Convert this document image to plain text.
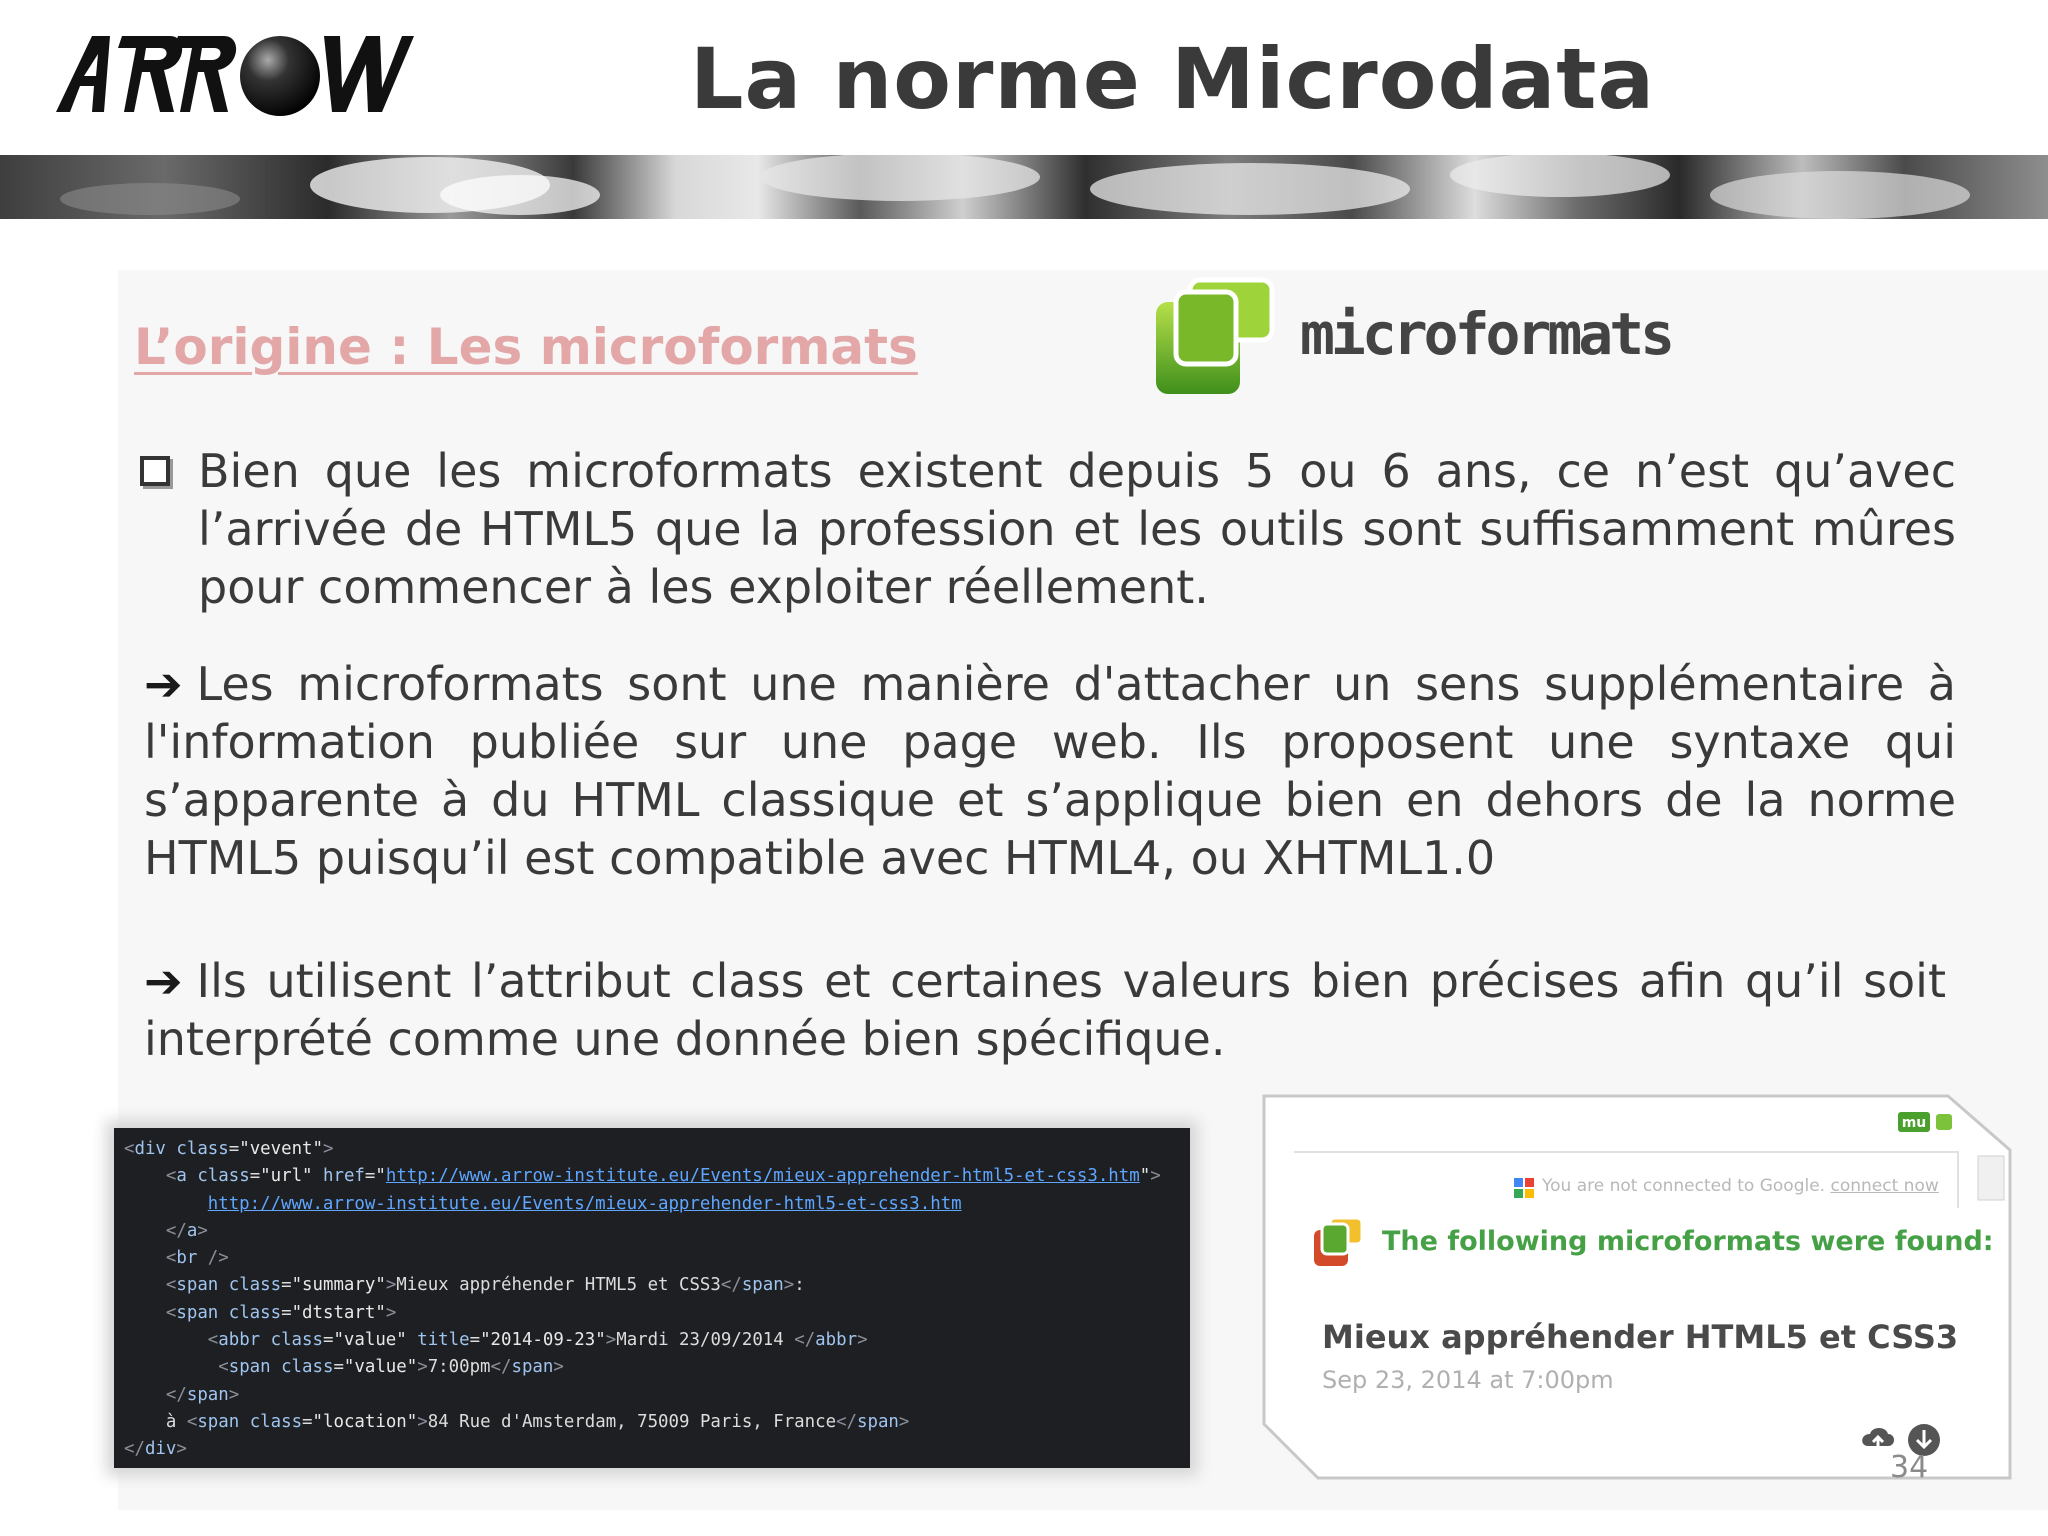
La norme Microdata
L’origine : Les microformats	microformats
Bien que les microformats existent depuis 5 ou 6 ans, ce n’est qu’avec l’arrivée de HTML5 que la profession et les outils sont suffisamment mûres pour commencer à les exploiter réellement.
➔ Les microformats sont une manière d'attacher un sens supplémentaire à l'information publiée sur une page web. Ils proposent une syntaxe qui s’apparente à du HTML classique et s’applique bien en dehors de la norme HTML5 puisqu’il est compatible avec HTML4, ou XHTML1.0
➔ Ils utilisent l’attribut class et certaines valeurs bien précises afin qu’il soit interprété comme une donnée bien spécifique.
<div class="vevent">
<a class="url" href="http://www.arrow-institute.eu/Events/mieux-apprehender-html5-et-css3.htm">
http://www.arrow-institute.eu/Events/mieux-apprehender-html5-et-css3.htm
</a>
<br />
<span class="summary">Mieux appréhender HTML5 et CSS3</span>:
<span class="dtstart">
<abbr class="value" title="2014-09-23">Mardi 23/09/2014 </abbr>
<span class="value">7:00pm</span>
</span>
à <span class="location">84 Rue d'Amsterdam, 75009 Paris, France</span>
</div>
mu
You are not connected to Google. connect now
The following microformats were found:
Mieux appréhender HTML5 et CSS3
Sep 23, 2014 at 7:00pm
34
